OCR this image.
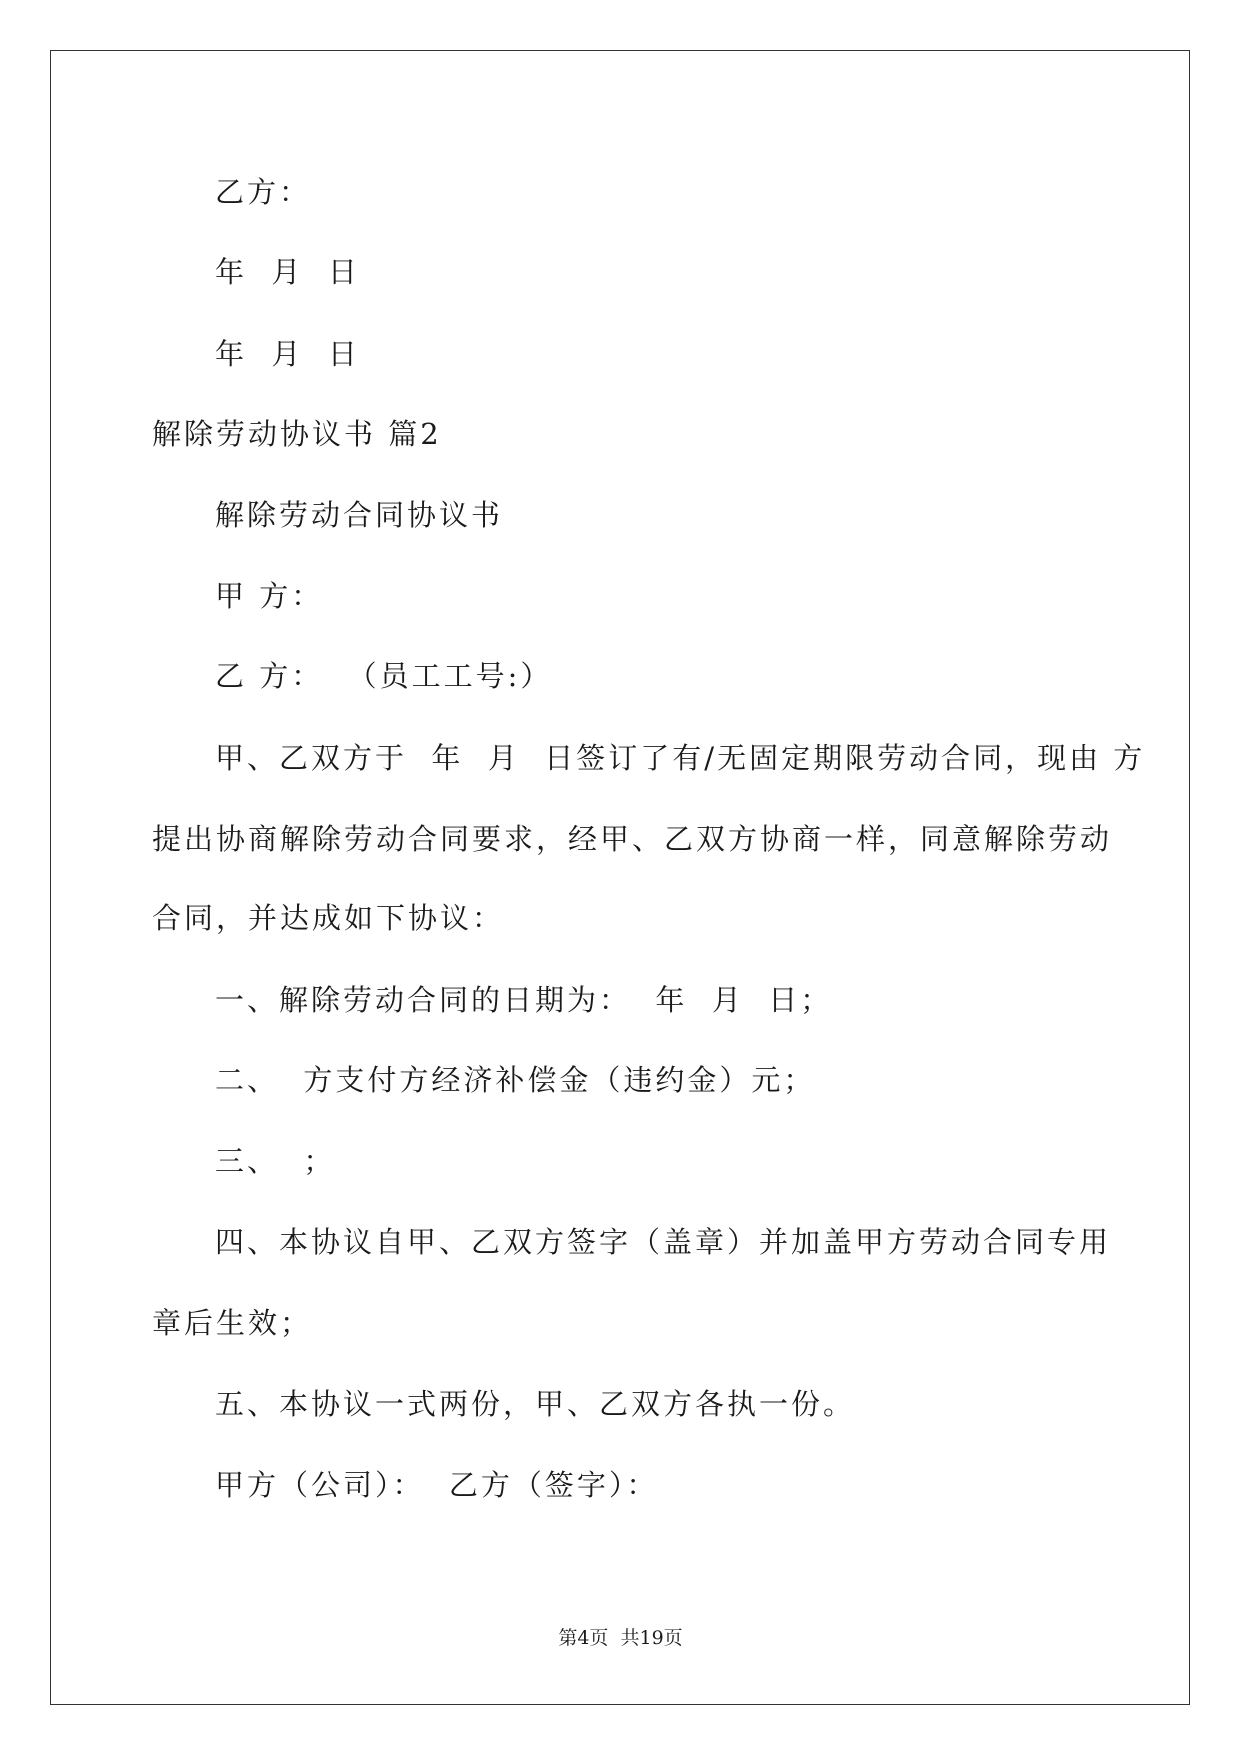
乙方：
年  月  日
年  月  日
解除劳动协议书 篇2
解除劳动合同协议书
甲 方：
乙 方：  （员工工号:）
甲、乙双方于  年  月  日签订了有/无固定期限劳动合同，现由 方
提出协商解除劳动合同要求，经甲、乙双方协商一样，同意解除劳动
合同，并达成如下协议：
一、解除劳动合同的日期为：  年  月  日；
二、  方支付方经济补偿金（违约金）元；
三、  ；
四、本协议自甲、乙双方签字（盖章）并加盖甲方劳动合同专用
章后生效；
五、本协议一式两份，甲、乙双方各执一份。
甲方（公司）：  乙方（签字）：
第4页  共19页
